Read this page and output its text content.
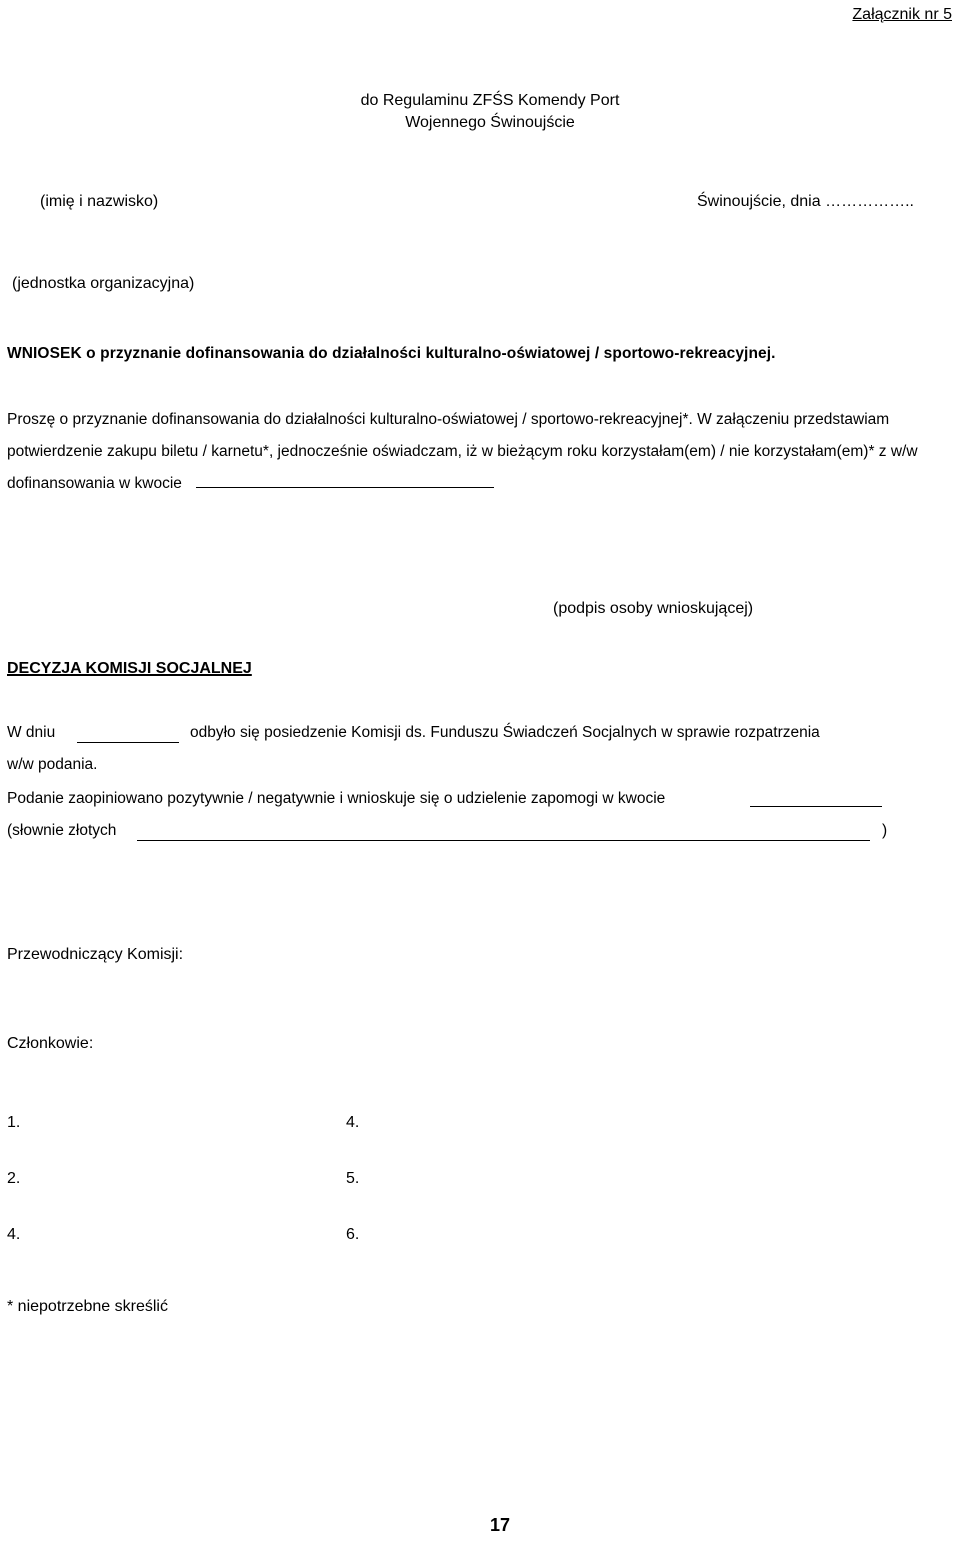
Załącznik nr 5
do Regulaminu ZFŚS Komendy Port
Wojennego Świnoujście
(imię i nazwisko)	Świnoujście, dnia ……………..
(jednostka organizacyjna)
WNIOSEK o przyznanie dofinansowania do działalności kulturalno-oświatowej / sportowo-rekreacyjnej.
Proszę o przyznanie dofinansowania do działalności kulturalno-oświatowej / sportowo-rekreacyjnej*. W załączeniu przedstawiam potwierdzenie zakupu biletu / karnetu*, jednocześnie oświadczam, iż w bieżącym roku korzystałam(em) / nie korzystałam(em)* z w/w dofinansowania w kwocie
(podpis osoby wnioskującej)
DECYZJA KOMISJI SOCJALNEJ
W dniu	odbyło się posiedzenie Komisji ds. Funduszu Świadczeń Socjalnych w sprawie rozpatrzenia
w/w podania.
Podanie zaopiniowano pozytywnie / negatywnie i wnioskuje się o udzielenie zapomogi w kwocie
(słownie złotych	)
Przewodniczący Komisji:
Członkowie:
1.	4.
2.	5.
4.	6.
* niepotrzebne skreślić
17
